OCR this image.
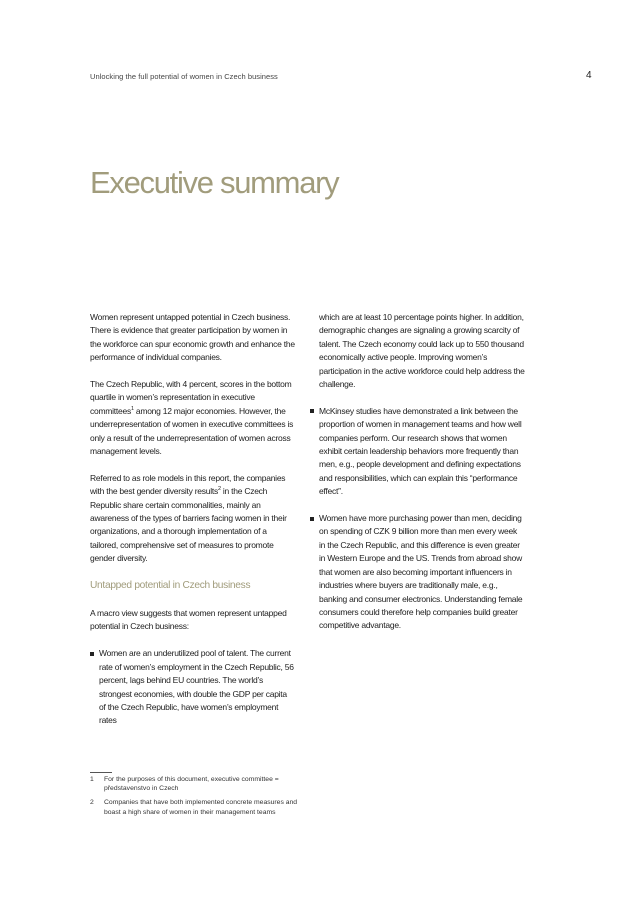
Unlocking the full potential of women in Czech business	4
Executive summary

Women represent untapped potential in Czech business. There is evidence that greater participation by women in the workforce can spur economic growth and enhance the performance of individual companies.

The Czech Republic, with 4 percent, scores in the bottom quartile in women’s representation in executive committees$^1$ among 12 major economies. However, the underrepresentation of women in executive committees is only a result of the underrepresentation of women across management levels.

Referred to as role models in this report, the companies with the best gender diversity results$^2$ in the Czech Republic share certain commonalities, mainly an awareness of the types of barriers facing women in their organizations, and a thorough implementation of a tailored, comprehensive set of measures to promote gender diversity.

Untapped potential in Czech business

A macro view suggests that women represent untapped potential in Czech business:

Women are an underutilized pool of talent. The current rate of women’s employment in the Czech Republic, 56 percent, lags behind EU countries. The world’s strongest economies, with double the GDP per capita of the Czech Republic, have women’s employment rates

which are at least 10 percentage points higher. In addition, demographic changes are signaling a growing scarcity of talent. The Czech economy could lack up to 550 thousand economically active people. Improving women’s participation in the active workforce could help address the challenge.

McKinsey studies have demonstrated a link between the proportion of women in management teams and how well companies perform. Our research shows that women exhibit certain leadership behaviors more frequently than men, e.g., people development and defining expectations and responsibilities, which can explain this “performance effect”.
Women have more purchasing power than men, deciding on spending of CZK 9 billion more than men every week in the Czech Republic, and this difference is even greater in Western Europe and the US. Trends from abroad show that women are also becoming important influencers in industries where buyers are traditionally male, e.g., banking and consumer electronics. Understanding female consumers could therefore help companies build greater competitive advantage.
1 For the purposes of this document, executive committee = představenstvo in Czech
2 Companies that have both implemented concrete measures and boast a high share of women in their management teams
